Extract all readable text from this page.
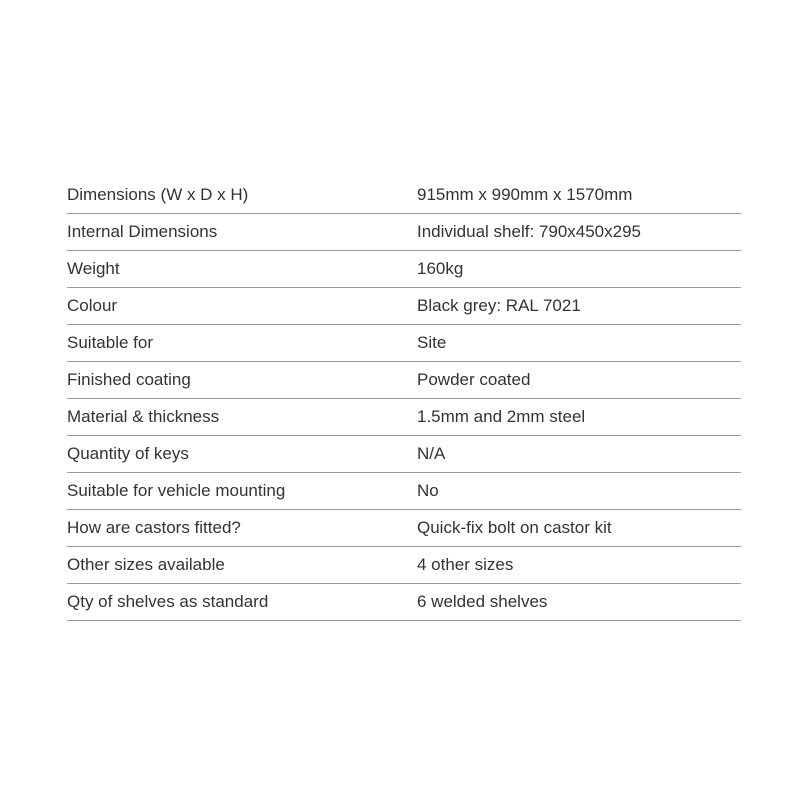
Dimensions (W x D x H)	915mm x 990mm x 1570mm
Internal Dimensions	Individual shelf: 790x450x295
Weight	160kg
Colour	Black grey: RAL 7021
Suitable for	Site
Finished coating	Powder coated
Material & thickness	1.5mm and 2mm steel
Quantity of keys	N/A
Suitable for vehicle mounting	No
How are castors fitted?	Quick-fix bolt on castor kit
Other sizes available	4 other sizes
Qty of shelves as standard	6 welded shelves
